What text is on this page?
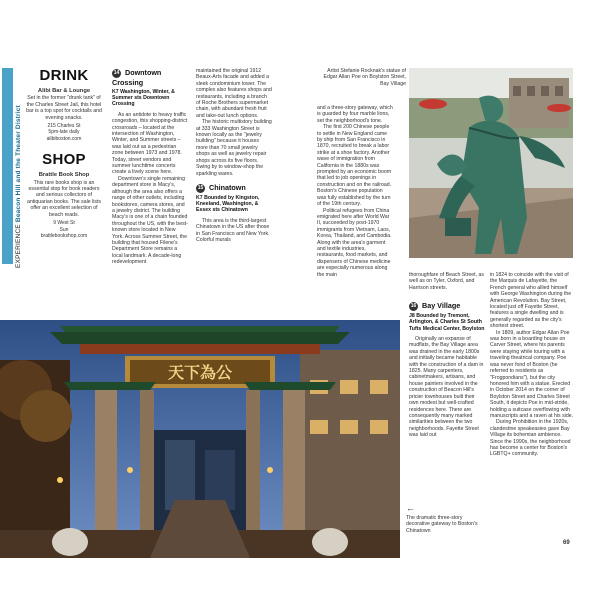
EXPERIENCE Beacon Hill and the Theater District
DRINK
Alibi Bar & Lounge
Set in the former "drunk tank" of the Charles Street Jail, this hotel bar is a top spot for cocktails and evening snacks.
215 Charles St
5pm-late daily
alibiboston.com
SHOP
Brattle Book Shop
This rare books shop is an essential stop for book readers and serious collectors of antiquarian books. The sale lists offer an excellent selection of beach reads.
9 West St
Sun
brattlebookshop.com
14 Downtown Crossing
K7 Washington, Winter, & Summer sts Downtown Crossing

As an antidote to heavy traffic congestion, this shopping-district crossroads – located at the intersection of Washington, Winter, and Summer streets – was laid out as a pedestrian zone between 1973 and 1978. Today, street vendors and summer lunchtime concerts create a lively scene here.

Downtown's single remaining department store is Macy's, although the area also offers a range of other outlets, including bookstores, camera stores, and a jewelry district. The building Macy's is one of a chain founded throughout the US, with the best-known store located in New York. Across Summer Street, the building that housed Filene's Department Store remains a local landmark. A decade-long redevelopment

maintained the original 1912 Beaux-Arts facade and added a sleek condominium tower. The complex also features shops and restaurants, including a branch of Roche Brothers supermarket chain, with abundant fresh fruit and take-out lunch options.

The historic multistory building at 333 Washington Street is known locally as the "jewelry building" because it houses more than 70 small jewelry shops as well as jewelry repair shops across its five floors. Swing by to window-shop the sparkling wares.

15 Chinatown
K7 Bounded by Kingston, Kneeland, Washington, & Essex sts Chinatown

This area is the third-largest Chinatown in the US after those in San Francisco and New York. Colorful murals

Artist Stefanie Rocknak's statue of Edgar Allan Poe on Boylston Street, Bay Village

and a three-story gateway, which is guarded by four marble lions, set the neighborhood's tone.

The first 200 Chinese people to settle in New England came by ship from San Francisco in 1870, recruited to break a labor strike at a shoe factory. Another wave of immigration from California in the 1880s was prompted by an economic boom that led to job openings in construction and on the railroad. Boston's Chinese population was fully established by the turn of the 19th century.

Political refugees from China emigrated here after World War II, succeeded by post-1970 immigrants from Vietnam, Laos, Korea, Thailand, and Cambodia. Along with the area's garment and textile industries, restaurants, food markets, and dispensers of Chinese medicine are especially numerous along the main	thoroughfare of Beach Street, as well as on Tyler, Oxford, and Harrison streets.

16 Bay Village
J8 Bounded by Tremont, Arlington, & Charles St South Tufts Medical Center, Boylston

Originally an expanse of mudflats, the Bay Village area was drained in the early 1800s and initially became habitable with the construction of a dam in 1825. Many carpenters, cabinetmakers, artisans, and house painters involved in the construction of Beacon Hill's pricier townhouses built their own modest but well-crafted residences here. There are consequently many marked similarities between the two neighborhoods. Fayette Street was laid out

in 1824 to coincide with the visit of the Marquis de Lafayette, the French general who allied himself with George Washington during the American Revolution. Bay Street, located just off Fayette Street, features a single dwelling and is generally regarded as the city's shortest street.

In 1809, author Edgar Allan Poe was born in a boarding house on Carver Street, where his parents were staying while touring with a traveling theatrical company. Poe was never fond of Boston (he referred to residents as "Frogpondians"), but the city honored him with a statue. Erected in October 2014 on the corner of Boylston Street and Charles Street South, it depicts Poe in mid-stride, holding a suitcase overflowing with manuscripts and a raven at his side.

During Prohibition in the 1920s, clandestine speakeasies gave Bay Village its bohemian ambience. Since the 1990s, the neighborhood has become a center for Boston's LGBTQ+ community.

←
The dramatic three-story decorative gateway to Boston's Chinatown
天下為公
69
